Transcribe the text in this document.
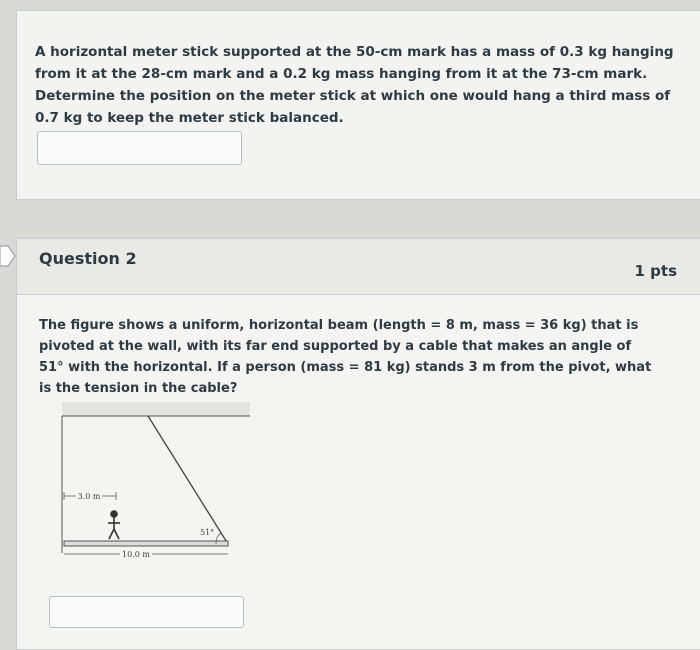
A horizontal meter stick supported at the 50-cm mark has a mass of 0.3 kg hanging from it at the 28-cm mark and a 0.2 kg mass hanging from it at the 73-cm mark. Determine the position on the meter stick at which one would hang a third mass of 0.7 kg to keep the meter stick balanced.
Question 2
1 pts
The figure shows a uniform, horizontal beam (length = 8 m, mass = 36 kg) that is pivoted at the wall, with its far end supported by a cable that makes an angle of 51° with the horizontal. If a person (mass = 81 kg) stands 3 m from the pivot, what is the tension in the cable?
3.0 m
51°
10.0 m
